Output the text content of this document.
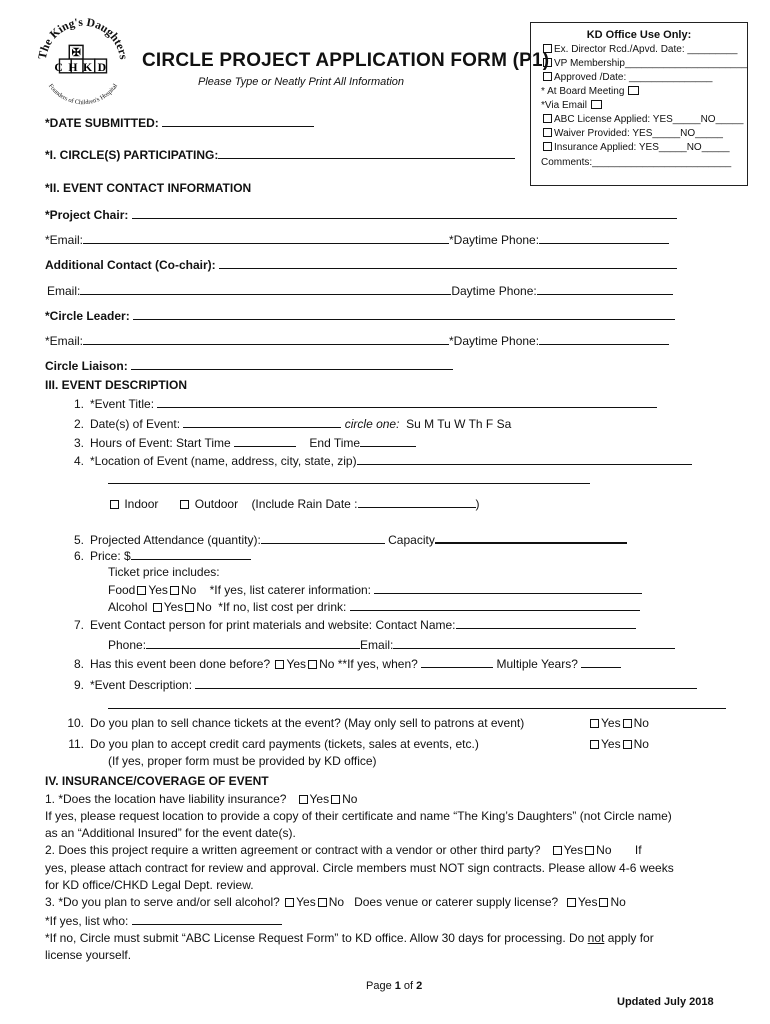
The King's Daughters
Founders of Children's Hospital
✠
CHKD CIRCLE PROJECT APPLICATION FORM (P1)
Please Type or Neatly Print All Information
KD Office Use Only:
Ex. Director Rcd./Apvd. Date: _________
VP Membership______________________
Approved /Date: _______________
* At Board Meeting
*Via Email
ABC License Applied: YES_____NO_____
Waiver Provided: YES_____NO_____
Insurance Applied: YES_____NO_____
Comments:_________________________
*DATE SUBMITTED:
*I. CIRCLE(S) PARTICIPATING:
*II. EVENT CONTACT INFORMATION
*Project Chair:
*Email:	*Daytime Phone:
Additional Contact (Co-chair):
Email:	Daytime Phone:
*Circle Leader:
*Email:	*Daytime Phone:
Circle Liaison:
III. EVENT DESCRIPTION
1. *Event Title:
2. Date(s) of Event:	circle one: Su M Tu W Th F Sa
3. Hours of Event: Start Time	End Time
4. *Location of Event (name, address, city, state, zip)
Indoor	Outdoor (Include Rain Date :	)
5. Projected Attendance (quantity):	Capacity
6. Price: $
Ticket price includes:
Food Yes No *If yes, list caterer information:
Alcohol Yes No *If no, list cost per drink:
7. Event Contact person for print materials and website: Contact Name:
Phone:	Email:
8. Has this event been done before? Yes No **If yes, when?	Multiple Years?
9. *Event Description:
10. Do you plan to sell chance tickets at the event? (May only sell to patrons at event)	Yes No
11. Do you plan to accept credit card payments (tickets, sales at events, etc.)	Yes No
(If yes, proper form must be provided by KD office)
IV. INSURANCE/COVERAGE OF EVENT
1. *Does the location have liability insurance? Yes No
If yes, please request location to provide a copy of their certificate and name “The King’s Daughters” (not Circle name)
as an “Additional Insured” for the event date(s).
2. Does this project require a written agreement or contract with a vendor or other third party? Yes No If
yes, please attach contract for review and approval. Circle members must NOT sign contracts. Please allow 4-6 weeks
for KD office/CHKD Legal Dept. review.
3. *Do you plan to serve and/or sell alcohol? Yes No Does venue or caterer supply license? Yes No
*If yes, list who:
*If no, Circle must submit “ABC License Request Form” to KD office. Allow 30 days for processing. Do not apply for
license yourself.
Page 1 of 2
Updated July 2018
